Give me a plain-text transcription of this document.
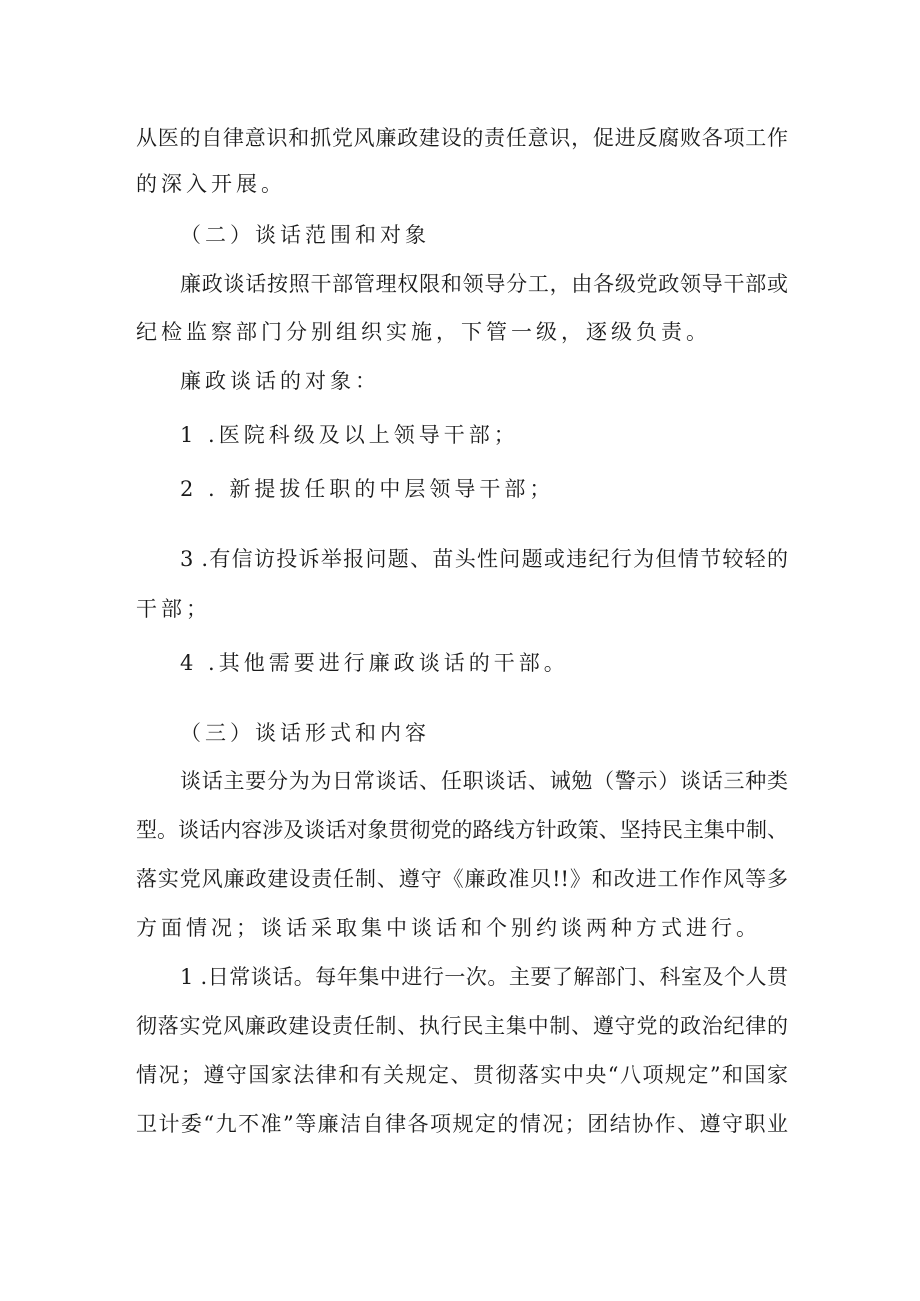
从医的自律意识和抓党风廉政建设的责任意识，促进反腐败各项工作
的深入开展。
（二）谈话范围和对象
廉政谈话按照干部管理权限和领导分工，由各级党政领导干部或
纪检监察部门分别组织实施，下管一级，逐级负责。
廉政谈话的对象：
1 .医院科级及以上领导干部；
2 . 新提拔任职的中层领导干部；
3 .有信访投诉举报问题、苗头性问题或违纪行为但情节较轻的
干部；
4 .其他需要进行廉政谈话的干部。
（三）谈话形式和内容
谈话主要分为为日常谈话、任职谈话、诫勉（警示）谈话三种类
型。谈话内容涉及谈话对象贯彻党的路线方针政策、坚持民主集中制、
落实党风廉政建设责任制、遵守《廉政准贝!!》和改进工作作风等多
方面情况；谈话采取集中谈话和个别约谈两种方式进行。
1 .日常谈话。每年集中进行一次。主要了解部门、科室及个人贯
彻落实党风廉政建设责任制、执行民主集中制、遵守党的政治纪律的
情况；遵守国家法律和有关规定、贯彻落实中央“八项规定”和国家
卫计委“九不准”等廉洁自律各项规定的情况；团结协作、遵守职业
